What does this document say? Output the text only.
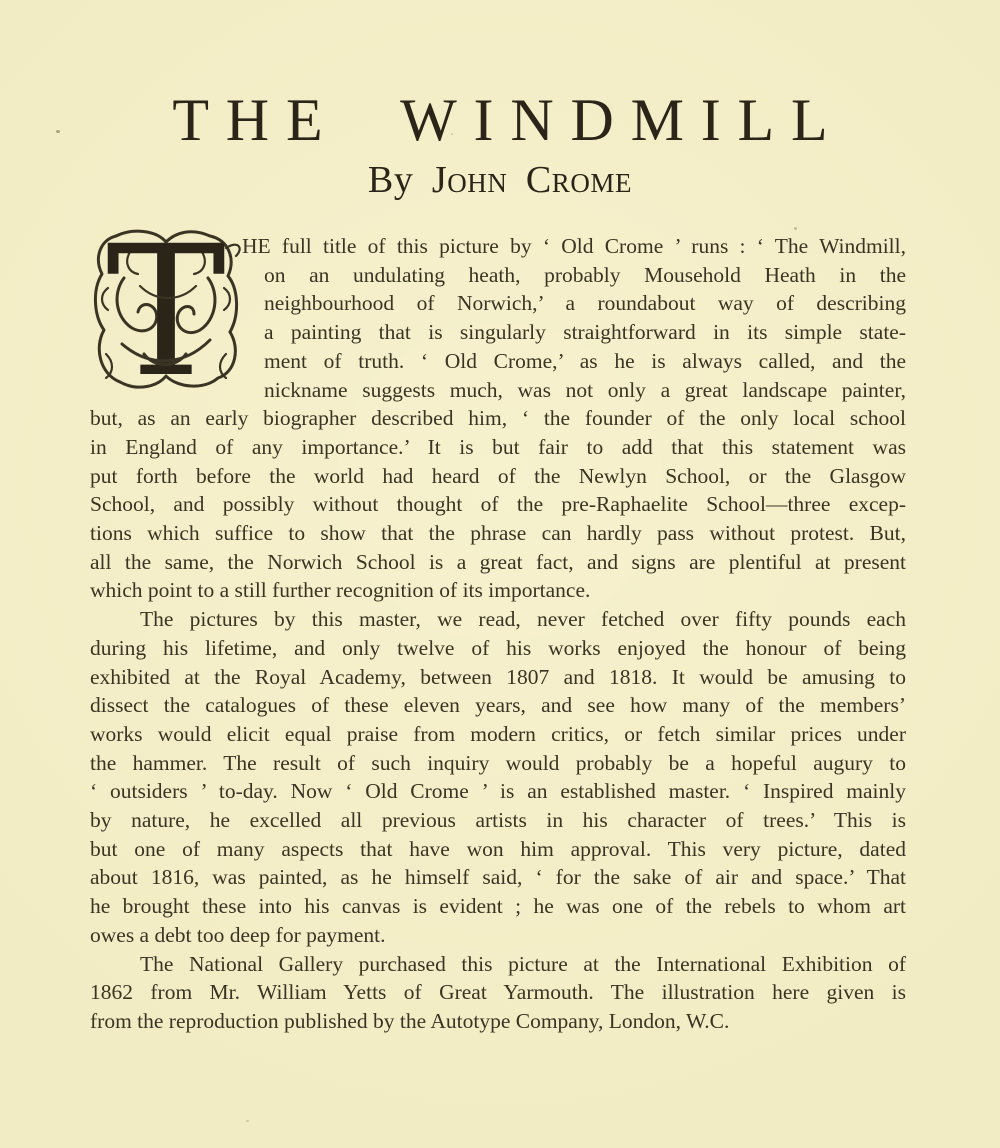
THE WINDMILL
By John Crome
T HE full title of this picture by ‘ Old Crome ’ runs : ‘ The Windmill,
on an undulating heath, probably Mousehold Heath in the
neighbourhood of Norwich,’ a roundabout way of describing
a painting that is singularly straightforward in its simple state-
ment of truth. ‘ Old Crome,’ as he is always called, and the
nickname suggests much, was not only a great landscape painter,
but, as an early biographer described him, ‘ the founder of the only local school
in England of any importance.’ It is but fair to add that this statement was
put forth before the world had heard of the Newlyn School, or the Glasgow
School, and possibly without thought of the pre-Raphaelite School—three excep-
tions which suffice to show that the phrase can hardly pass without protest. But,
all the same, the Norwich School is a great fact, and signs are plentiful at present
which point to a still further recognition of its importance.
The pictures by this master, we read, never fetched over fifty pounds each
during his lifetime, and only twelve of his works enjoyed the honour of being
exhibited at the Royal Academy, between 1807 and 1818. It would be amusing to
dissect the catalogues of these eleven years, and see how many of the members’
works would elicit equal praise from modern critics, or fetch similar prices under
the hammer. The result of such inquiry would probably be a hopeful augury to
‘ outsiders ’ to-day. Now ‘ Old Crome ’ is an established master. ‘ Inspired mainly
by nature, he excelled all previous artists in his character of trees.’ This is
but one of many aspects that have won him approval. This very picture, dated
about 1816, was painted, as he himself said, ‘ for the sake of air and space.’ That
he brought these into his canvas is evident ; he was one of the rebels to whom art
owes a debt too deep for payment.
The National Gallery purchased this picture at the International Exhibition of
1862 from Mr. William Yetts of Great Yarmouth. The illustration here given is
from the reproduction published by the Autotype Company, London, W.C.
